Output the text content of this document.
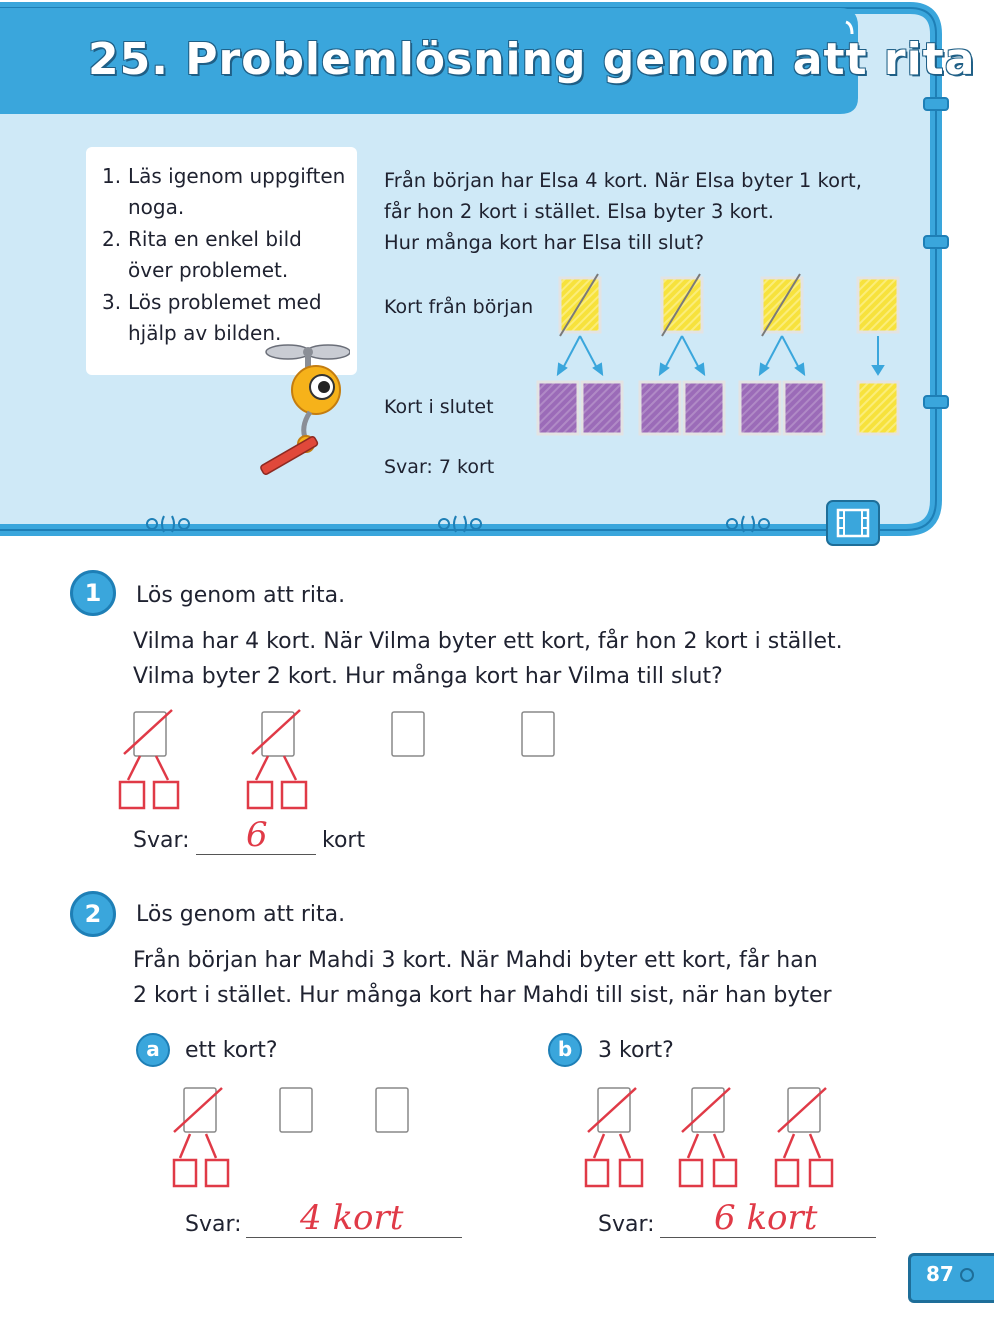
25. Problemlösning genom att rita
1. Läs igenom uppgiften
noga.
2. Rita en enkel bild
över problemet.
3. Lös problemet med
hjälp av bilden.
Från början har Elsa 4 kort. När Elsa byter 1 kort,
får hon 2 kort i stället. Elsa byter 3 kort.
Hur många kort har Elsa till slut?
Kort från början
Kort i slutet
Svar: 7 kort
1	Lös genom att rita.
Vilma har 4 kort. När Vilma byter ett kort, får hon 2 kort i stället.
Vilma byter 2 kort. Hur många kort har Vilma till slut?
Svar: 6 kort
2	Lös genom att rita.
Från början har Mahdi 3 kort. När Mahdi byter ett kort, får han
2 kort i stället. Hur många kort har Mahdi till sist, när han byter
a	ett kort?	b	3 kort?
Svar: 4 kort	Svar: 6 kort
87
